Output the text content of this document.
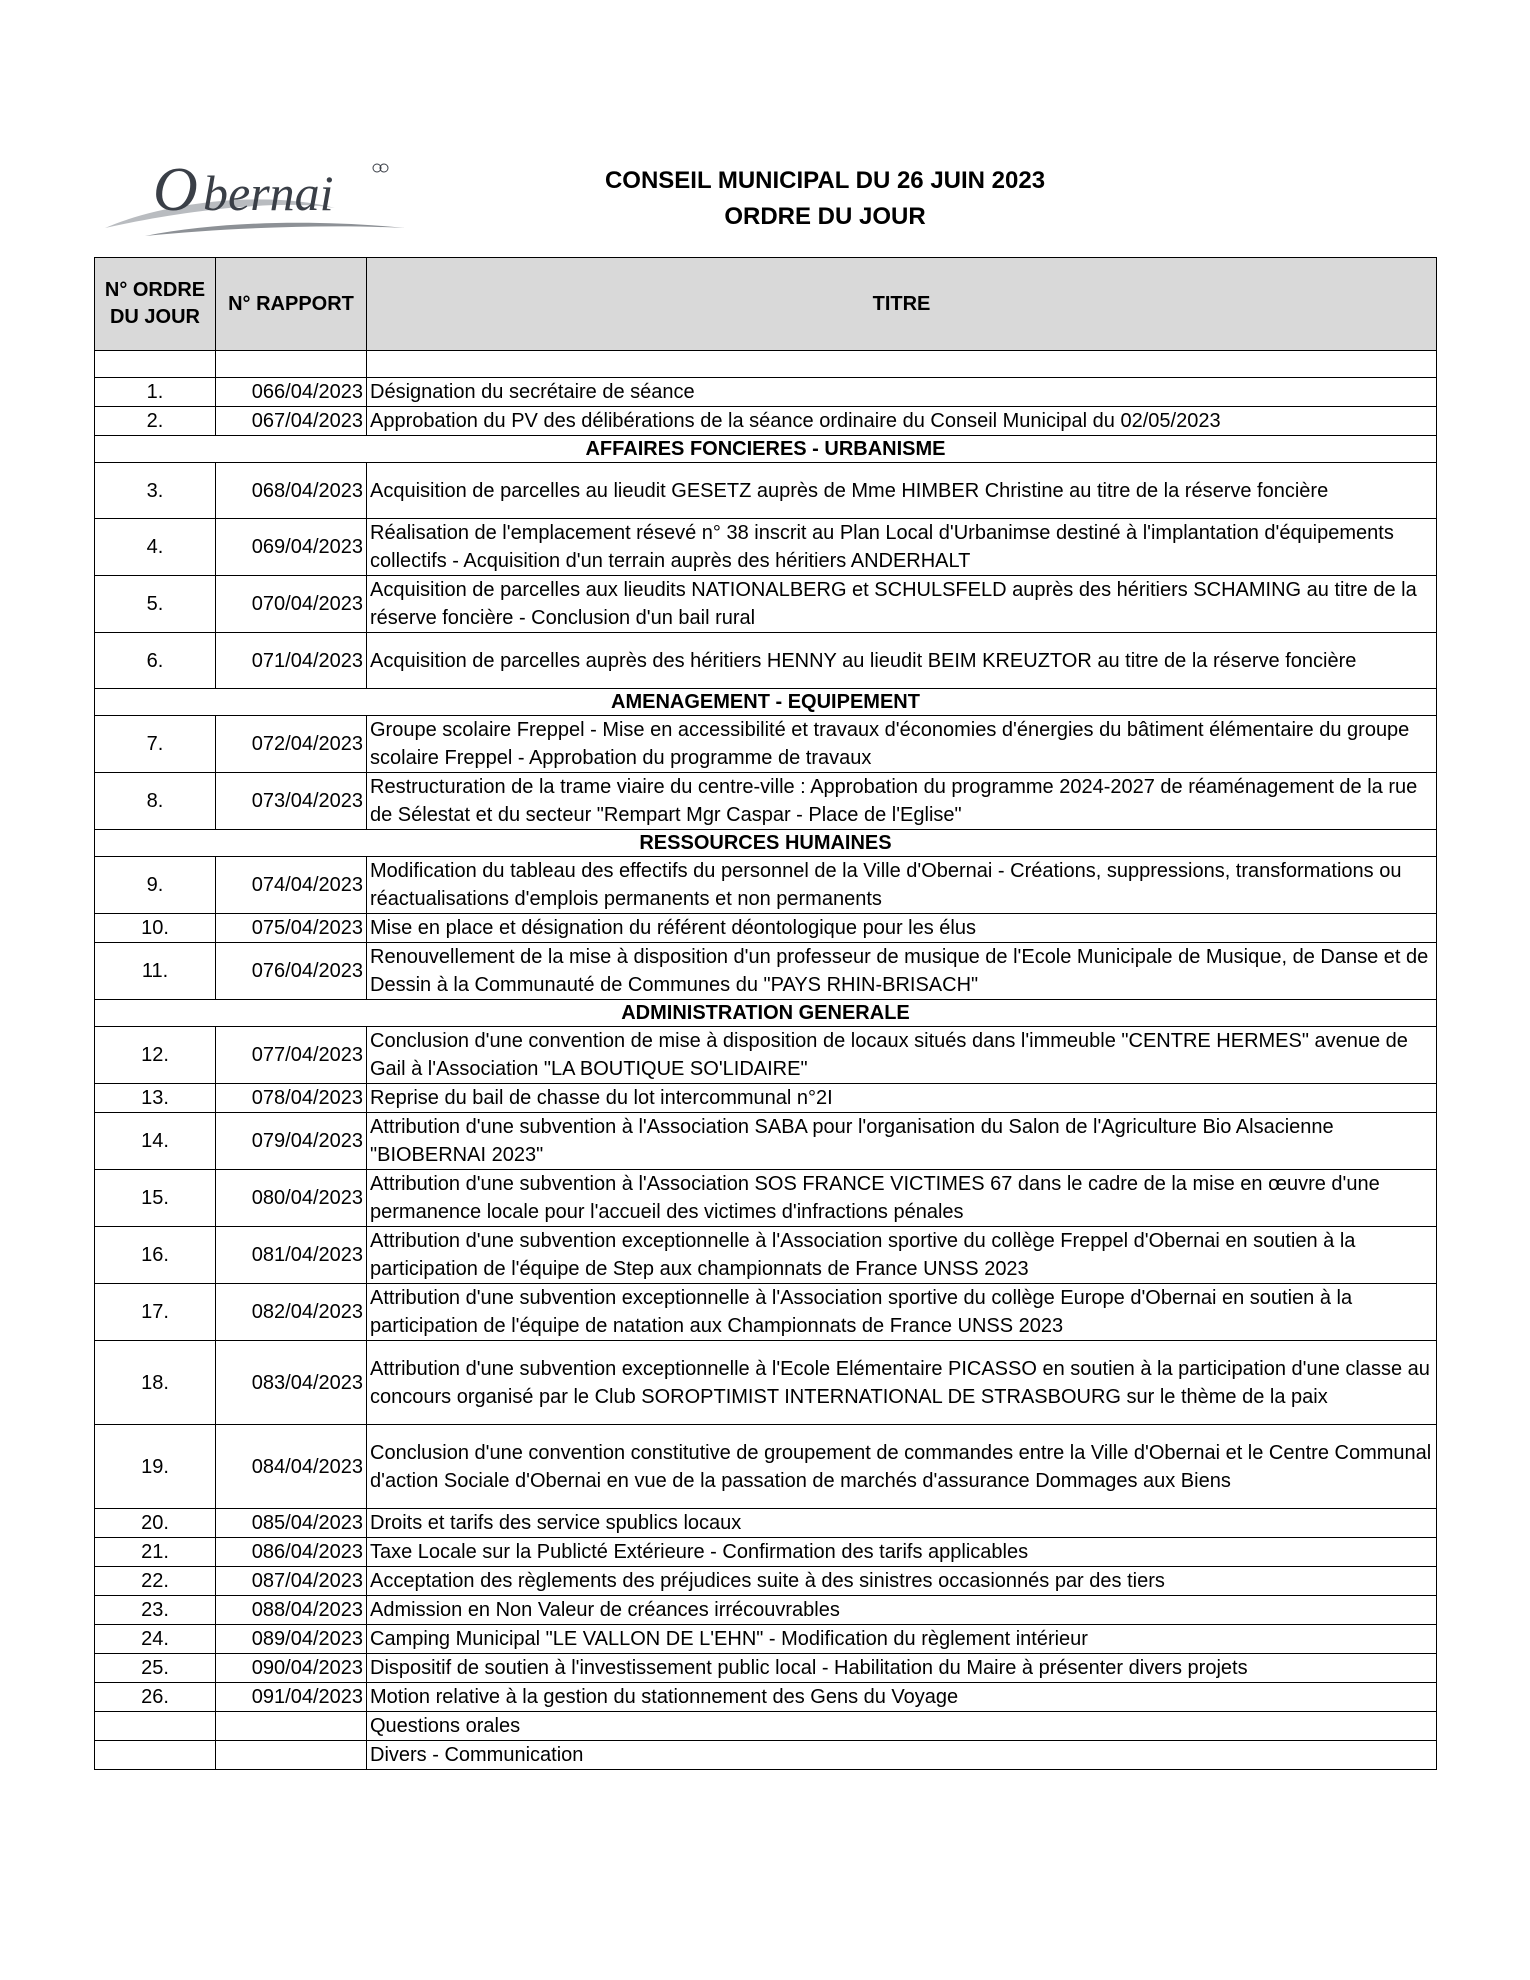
O bernai	CONSEIL MUNICIPAL DU 26 JUIN 2023
ORDRE DU JOUR
N° ORDRE DU JOUR	N° RAPPORT	TITRE

1.	066/04/2023	Désignation du secrétaire de séance
2.	067/04/2023	Approbation du PV des délibérations de la séance ordinaire du Conseil Municipal du 02/05/2023
AFFAIRES FONCIERES - URBANISME		
3.	068/04/2023	Acquisition de parcelles au lieudit GESETZ auprès de Mme HIMBER Christine au titre de la réserve foncière
4.	069/04/2023	Réalisation de l'emplacement résevé n° 38 inscrit au Plan Local d'Urbanimse destiné à l'implantation d'équipements collectifs - Acquisition d'un terrain auprès des héritiers ANDERHALT
5.	070/04/2023	Acquisition de parcelles aux lieudits NATIONALBERG et SCHULSFELD auprès des héritiers SCHAMING au titre de la réserve foncière - Conclusion d'un bail rural
6.	071/04/2023	Acquisition de parcelles auprès des héritiers HENNY au lieudit BEIM KREUZTOR au titre de la réserve foncière
AMENAGEMENT - EQUIPEMENT		
7.	072/04/2023	Groupe scolaire Freppel - Mise en accessibilité et travaux d'économies d'énergies du bâtiment élémentaire du groupe scolaire Freppel - Approbation du programme de travaux
8.	073/04/2023	Restructuration de la trame viaire du centre-ville : Approbation du programme 2024-2027 de réaménagement de la rue de Sélestat et du secteur "Rempart Mgr Caspar - Place de l'Eglise"
RESSOURCES HUMAINES		
9.	074/04/2023	Modification du tableau des effectifs du personnel de la Ville d'Obernai - Créations, suppressions, transformations ou réactualisations d'emplois permanents et non permanents
10.	075/04/2023	Mise en place et désignation du référent déontologique pour les élus
11.	076/04/2023	Renouvellement de la mise à disposition d'un professeur de musique de l'Ecole Municipale de Musique, de Danse et de Dessin à la Communauté de Communes du "PAYS RHIN-BRISACH"
ADMINISTRATION GENERALE		
12.	077/04/2023	Conclusion d'une convention de mise à disposition de locaux situés dans l'immeuble "CENTRE HERMES" avenue de Gail à l'Association "LA BOUTIQUE SO'LIDAIRE"
13.	078/04/2023	Reprise du bail de chasse du lot intercommunal n°2I
14.	079/04/2023	Attribution d'une subvention à l'Association SABA pour l'organisation du Salon de l'Agriculture Bio Alsacienne "BIOBERNAI 2023"
15.	080/04/2023	Attribution d'une subvention à l'Association SOS FRANCE VICTIMES 67 dans le cadre de la mise en œuvre d'une permanence locale pour l'accueil des victimes d'infractions pénales
16.	081/04/2023	Attribution d'une subvention exceptionnelle à l'Association sportive du collège Freppel d'Obernai en soutien à la participation de l'équipe de Step aux championnats de France UNSS 2023
17.	082/04/2023	Attribution d'une subvention exceptionnelle à l'Association sportive du collège Europe d'Obernai en soutien à la participation de l'équipe de natation aux Championnats de France UNSS 2023
18.	083/04/2023	Attribution d'une subvention exceptionnelle à l'Ecole Elémentaire PICASSO en soutien à la participation d'une classe au concours organisé par le Club SOROPTIMIST INTERNATIONAL DE STRASBOURG sur le thème de la paix
19.	084/04/2023	Conclusion d'une convention constitutive de groupement de commandes entre la Ville d'Obernai et le Centre Communal d'action Sociale d'Obernai en vue de la passation de marchés d'assurance Dommages aux Biens
20.	085/04/2023	Droits et tarifs des service spublics locaux
21.	086/04/2023	Taxe Locale sur la Publicté Extérieure - Confirmation des tarifs applicables
22.	087/04/2023	Acceptation des règlements des préjudices suite à des sinistres occasionnés par des tiers
23.	088/04/2023	Admission en Non Valeur de créances irrécouvrables
24.	089/04/2023	Camping Municipal "LE VALLON DE L'EHN" - Modification du règlement intérieur
25.	090/04/2023	Dispositif de soutien à l'investissement public local - Habilitation du Maire à présenter divers projets
26.	091/04/2023	Motion relative à la gestion du stationnement des Gens du Voyage
		Questions orales
		Divers - Communication
